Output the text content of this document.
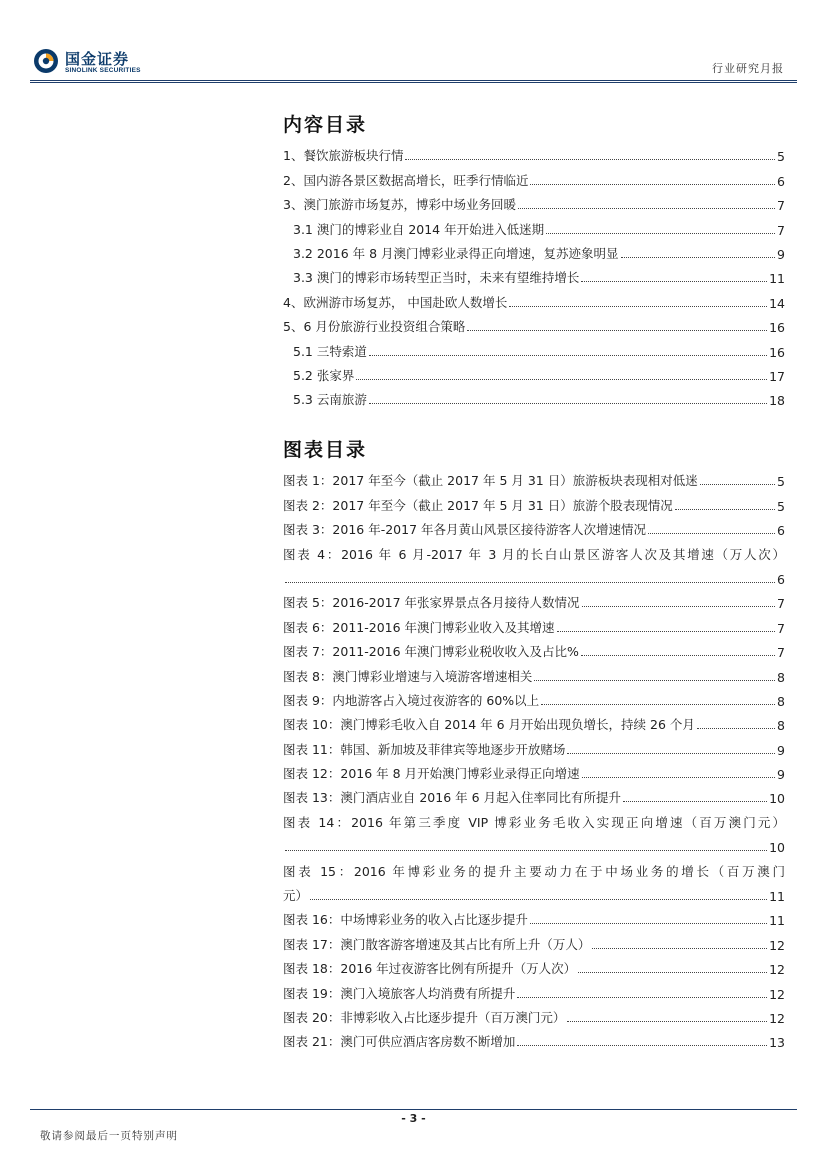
国金证券
SINOLINK SECURITIES	行业研究月报
内容目录
1、餐饮旅游板块行情	5
2、国内游各景区数据高增长，旺季行情临近	6
3、澳门旅游市场复苏，博彩中场业务回暖	7
3.1 澳门的博彩业自 2014 年开始进入低迷期	7
3.2 2016 年 8 月澳门博彩业录得正向增速，复苏迹象明显	9
3.3 澳门的博彩市场转型正当时，未来有望维持增长	11
4、欧洲游市场复苏， 中国赴欧人数增长	14
5、6 月份旅游行业投资组合策略	16
5.1 三特索道	16
5.2 张家界	17
5.3 云南旅游	18
图表目录
图表 1：2017 年至今（截止 2017 年 5 月 31 日）旅游板块表现相对低迷	5
图表 2：2017 年至今（截止 2017 年 5 月 31 日）旅游个股表现情况	5
图表 3：2016 年-2017 年各月黄山风景区接待游客人次增速情况	6
图表 4：2016 年 6 月-2017 年 3 月的长白山景区游客人次及其增速（万人次）
6
图表 5：2016-2017 年张家界景点各月接待人数情况	7
图表 6：2011-2016 年澳门博彩业收入及其增速	7
图表 7：2011-2016 年澳门博彩业税收收入及占比%	7
图表 8：澳门博彩业增速与入境游客增速相关	8
图表 9：内地游客占入境过夜游客的 60%以上	8
图表 10：澳门博彩毛收入自 2014 年 6 月开始出现负增长，持续 26 个月	8
图表 11：韩国、新加坡及菲律宾等地逐步开放赌场	9
图表 12：2016 年 8 月开始澳门博彩业录得正向增速	9
图表 13：澳门酒店业自 2016 年 6 月起入住率同比有所提升	10
图表 14：2016 年第三季度 VIP 博彩业务毛收入实现正向增速（百万澳门元）
10
图表 15：2016 年博彩业务的提升主要动力在于中场业务的增长（百万澳门
元）	11
图表 16：中场博彩业务的收入占比逐步提升	11
图表 17：澳门散客游客增速及其占比有所上升（万人）	12
图表 18：2016 年过夜游客比例有所提升（万人次）	12
图表 19：澳门入境旅客人均消费有所提升	12
图表 20：非博彩收入占比逐步提升（百万澳门元）	12
图表 21：澳门可供应酒店客房数不断增加	13
- 3 -
敬请参阅最后一页特别声明
